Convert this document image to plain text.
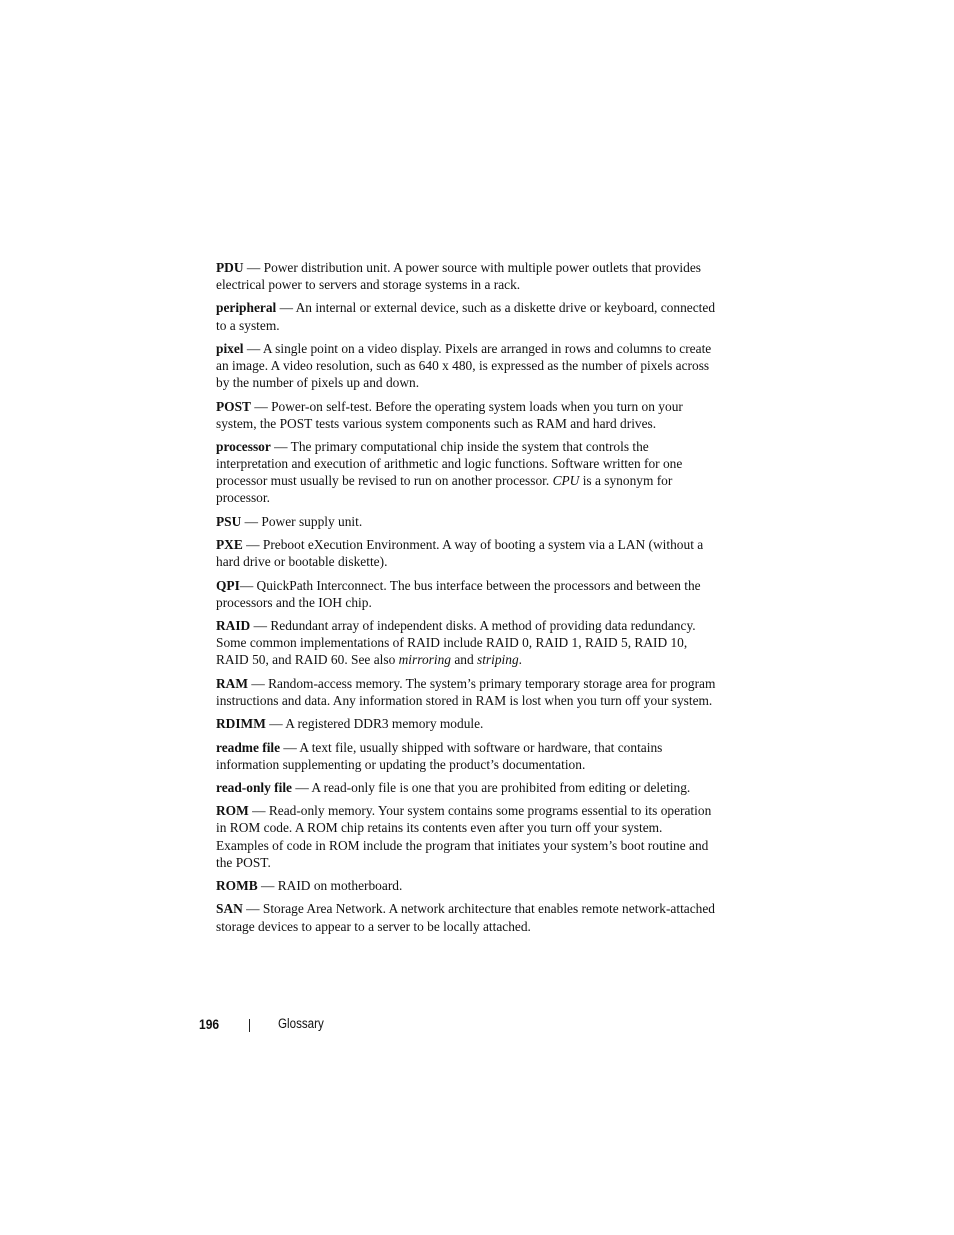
PDU — Power distribution unit. A power source with multiple power outlets that provides electrical power to servers and storage systems in a rack.

peripheral — An internal or external device, such as a diskette drive or keyboard, connected to a system.

pixel — A single point on a video display. Pixels are arranged in rows and columns to create an image. A video resolution, such as 640 x 480, is expressed as the number of pixels across by the number of pixels up and down.

POST — Power-on self-test. Before the operating system loads when you turn on your system, the POST tests various system components such as RAM and hard drives.

processor — The primary computational chip inside the system that controls the interpretation and execution of arithmetic and logic functions. Software written for one processor must usually be revised to run on another processor. CPU is a synonym for processor.

PSU — Power supply unit.

PXE — Preboot eXecution Environment. A way of booting a system via a LAN (without a hard drive or bootable diskette).

QPI— QuickPath Interconnect. The bus interface between the processors and between the processors and the IOH chip.

RAID — Redundant array of independent disks. A method of providing data redundancy. Some common implementations of RAID include RAID 0, RAID 1, RAID 5, RAID 10, RAID 50, and RAID 60. See also mirroring and striping.

RAM — Random-access memory. The system’s primary temporary storage area for program instructions and data. Any information stored in RAM is lost when you turn off your system.

RDIMM — A registered DDR3 memory module.

readme file — A text file, usually shipped with software or hardware, that contains information supplementing or updating the product’s documentation.

read-only file — A read-only file is one that you are prohibited from editing or deleting.

ROM — Read-only memory. Your system contains some programs essential to its operation in ROM code. A ROM chip retains its contents even after you turn off your system. Examples of code in ROM include the program that initiates your system’s boot routine and the POST.

ROMB — RAID on motherboard.

SAN — Storage Area Network. A network architecture that enables remote network-attached storage devices to appear to a server to be locally attached.

196	Glossary
